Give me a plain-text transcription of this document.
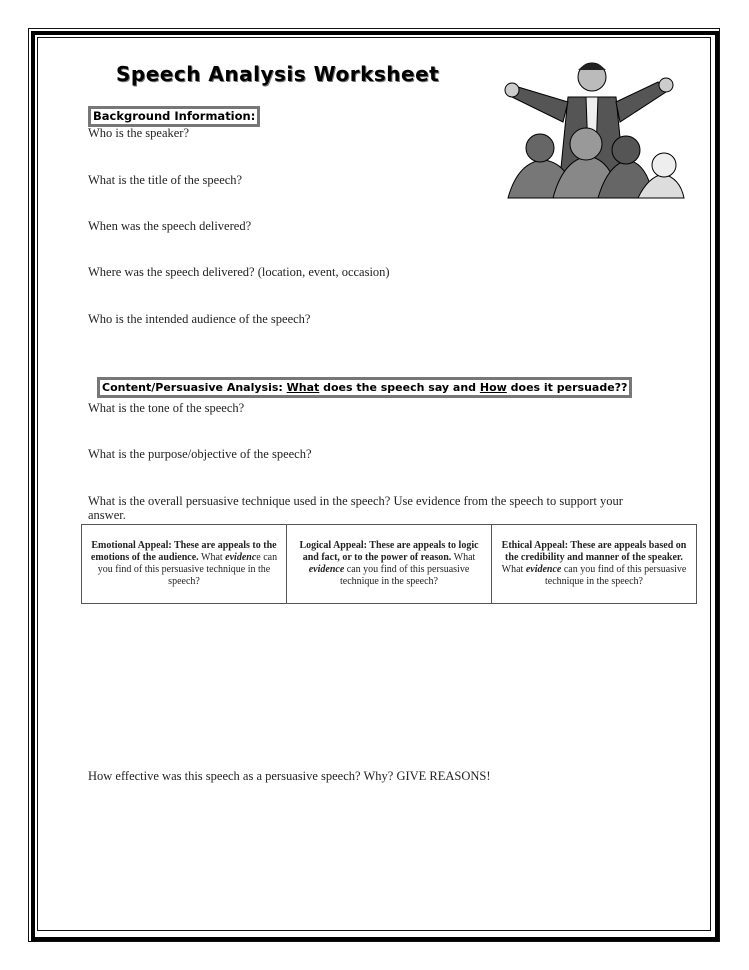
Speech Analysis Worksheet
Background Information:
Who is the speaker?
What is the title of the speech?
When was the speech delivered?
Where was the speech delivered? (location, event, occasion)
Who is the intended audience of the speech?
Content/Persuasive Analysis: What does the speech say and How does it persuade??
What is the tone of the speech?
What is the purpose/objective of the speech?
What is the overall persuasive technique used in the speech? Use evidence from the speech to support your answer.
Emotional Appeal: These are appeals to the emotions of the audience. What evidence can you find of this persuasive technique in the speech?	Logical Appeal: These are appeals to logic and fact, or to the power of reason. What evidence can you find of this persuasive technique in the speech?	Ethical Appeal: These are appeals based on the credibility and manner of the speaker. What evidence can you find of this persuasive technique in the speech?
How effective was this speech as a persuasive speech? Why? GIVE REASONS!
